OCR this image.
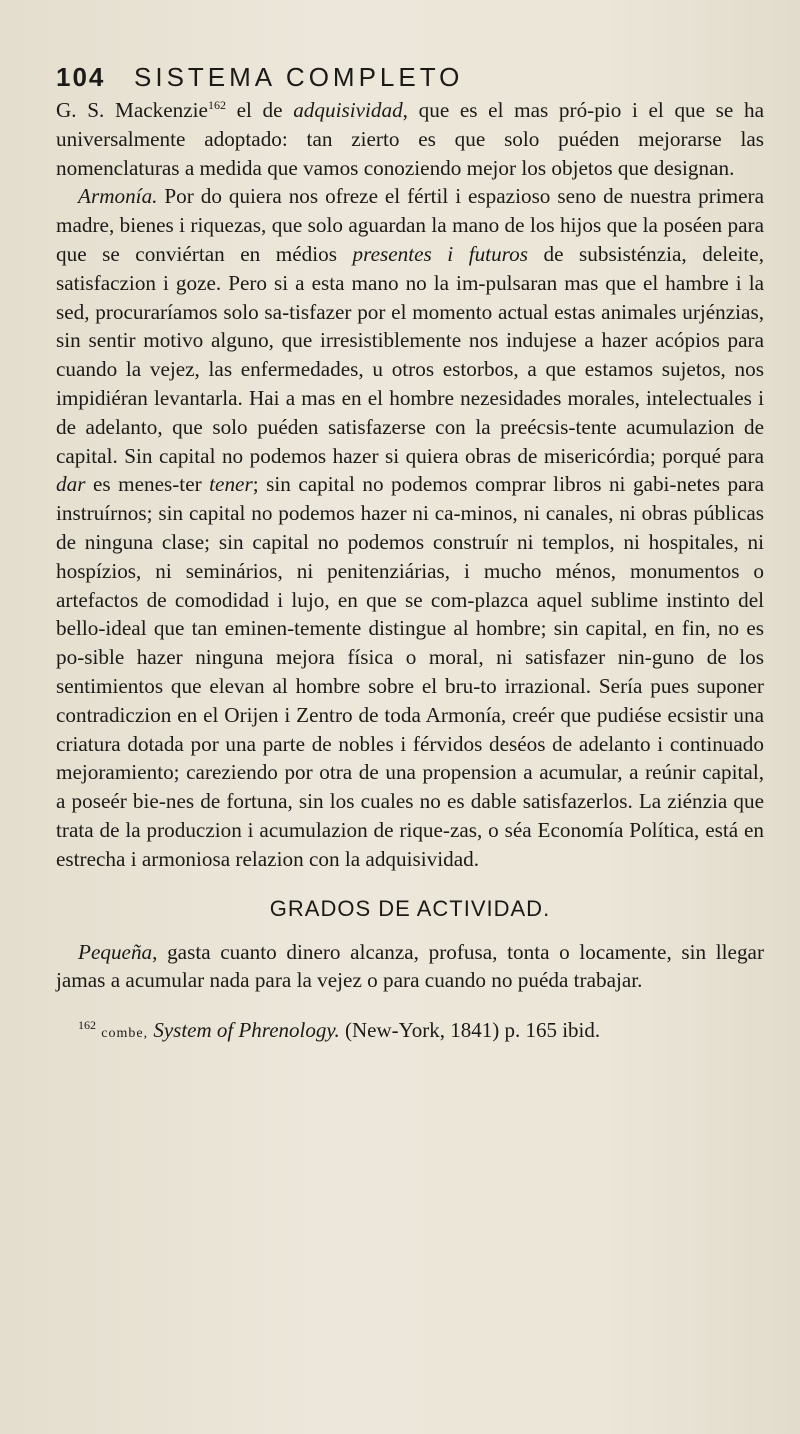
104	SISTEMA COMPLETO

G. S. Mackenzie$^{162}$ el de adquisividad, que es el mas pró-pio i el que se ha universalmente adoptado: tan zierto es que solo puéden mejorarse las nomenclaturas a medida que vamos conoziendo mejor los objetos que designan.

Armonía. Por do quiera nos ofreze el fértil i espazioso seno de nuestra primera madre, bienes i riquezas, que solo aguardan la mano de los hijos que la poséen para que se conviértan en médios presentes i futuros de subsisténzia, deleite, satisfaczion i goze. Pero si a esta mano no la im-pulsaran mas que el hambre i la sed, procuraríamos solo sa-tisfazer por el momento actual estas animales urjénzias, sin sentir motivo alguno, que irresistiblemente nos indujese a hazer acópios para cuando la vejez, las enfermedades, u otros estorbos, a que estamos sujetos, nos impidiéran levantarla. Hai a mas en el hombre nezesidades morales, intelectuales i de adelanto, que solo puéden satisfazerse con la preécsis-tente acumulazion de capital. Sin capital no podemos hazer si quiera obras de misericórdia; porqué para dar es menes-ter tener; sin capital no podemos comprar libros ni gabi-netes para instruírnos; sin capital no podemos hazer ni ca-minos, ni canales, ni obras públicas de ninguna clase; sin capital no podemos construír ni templos, ni hospitales, ni hospízios, ni seminários, ni penitenziárias, i mucho ménos, monumentos o artefactos de comodidad i lujo, en que se com-plazca aquel sublime instinto del bello-ideal que tan eminen-temente distingue al hombre; sin capital, en fin, no es po-sible hazer ninguna mejora física o moral, ni satisfazer nin-guno de los sentimientos que elevan al hombre sobre el bru-to irrazional. Sería pues suponer contradiczion en el Orijen i Zentro de toda Armonía, creér que pudiése ecsistir una criatura dotada por una parte de nobles i férvidos deséos de adelanto i continuado mejoramiento; careziendo por otra de una propension a acumular, a reúnir capital, a poseér bie-nes de fortuna, sin los cuales no es dable satisfazerlos. La ziénzia que trata de la produczion i acumulazion de rique-zas, o séa Economía Política, está en estrecha i armoniosa relazion con la adquisividad.

GRADOS DE ACTIVIDAD.

Pequeña, gasta cuanto dinero alcanza, profusa, tonta o locamente, sin llegar jamas a acumular nada para la vejez o para cuando no puéda trabajar.

$^{162}$ combe, System of Phrenology. (New-York, 1841) p. 165 ibid.
